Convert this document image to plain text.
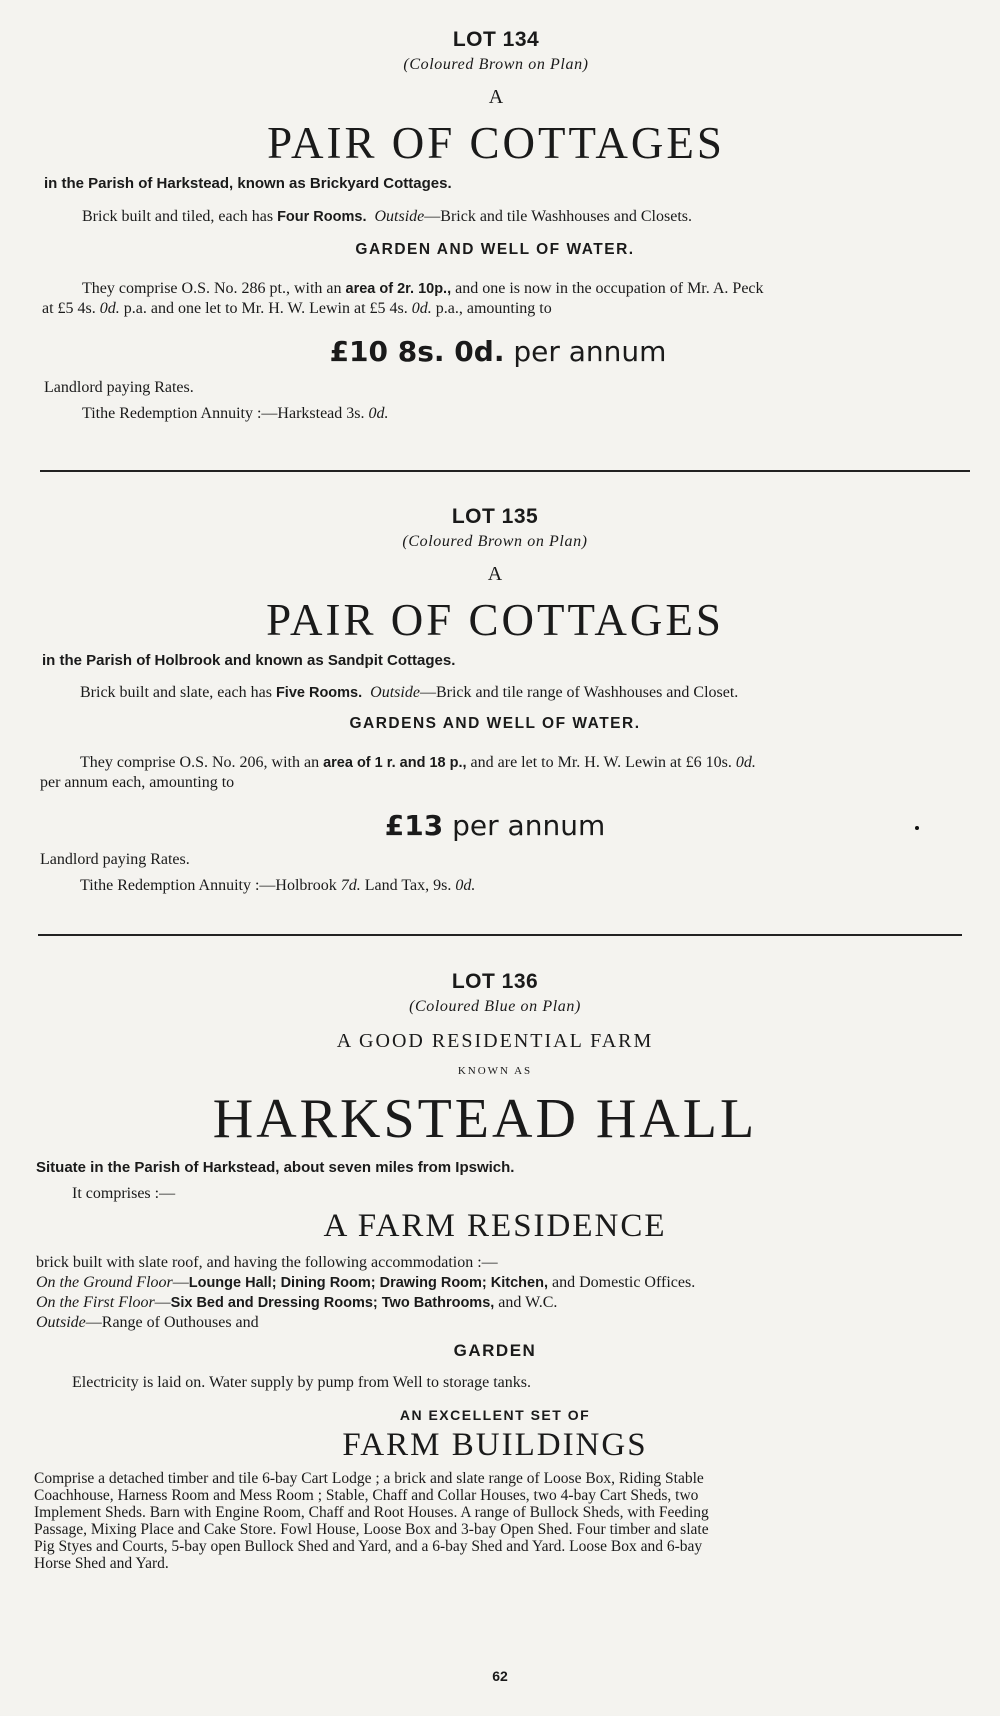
LOT 134
(Coloured Brown on Plan)
A
PAIR OF COTTAGES
in the Parish of Harkstead, known as Brickyard Cottages.
Brick built and tiled, each has Four Rooms. Outside—Brick and tile Washhouses and Closets.
GARDEN AND WELL OF WATER.
They comprise O.S. No. 286 pt., with an area of 2r. 10p., and one is now in the occupation of Mr. A. Peck
at £5 4s. 0d. p.a. and one let to Mr. H. W. Lewin at £5 4s. 0d. p.a., amounting to
£10 8s. 0d. per annum
Landlord paying Rates.
Tithe Redemption Annuity :—Harkstead 3s. 0d.
LOT 135
(Coloured Brown on Plan)
A
PAIR OF COTTAGES
in the Parish of Holbrook and known as Sandpit Cottages.
Brick built and slate, each has Five Rooms. Outside—Brick and tile range of Washhouses and Closet.
GARDENS AND WELL OF WATER.
They comprise O.S. No. 206, with an area of 1 r. and 18 p., and are let to Mr. H. W. Lewin at £6 10s. 0d.
per annum each, amounting to
£13 per annum
Landlord paying Rates.
Tithe Redemption Annuity :—Holbrook 7d. Land Tax, 9s. 0d.
LOT 136
(Coloured Blue on Plan)
A GOOD RESIDENTIAL FARM
KNOWN AS
HARKSTEAD HALL
Situate in the Parish of Harkstead, about seven miles from Ipswich.
It comprises :—
A FARM RESIDENCE
brick built with slate roof, and having the following accommodation :—
On the Ground Floor—Lounge Hall; Dining Room; Drawing Room; Kitchen, and Domestic Offices.
On the First Floor—Six Bed and Dressing Rooms; Two Bathrooms, and W.C.
Outside—Range of Outhouses and
GARDEN
Electricity is laid on. Water supply by pump from Well to storage tanks.
AN EXCELLENT SET OF
FARM BUILDINGS
Comprise a detached timber and tile 6-bay Cart Lodge ; a brick and slate range of Loose Box, Riding Stable
Coachhouse, Harness Room and Mess Room ; Stable, Chaff and Collar Houses, two 4-bay Cart Sheds, two
Implement Sheds. Barn with Engine Room, Chaff and Root Houses. A range of Bullock Sheds, with Feeding
Passage, Mixing Place and Cake Store. Fowl House, Loose Box and 3-bay Open Shed. Four timber and slate
Pig Styes and Courts, 5-bay open Bullock Shed and Yard, and a 6-bay Shed and Yard. Loose Box and 6-bay
Horse Shed and Yard.
62
